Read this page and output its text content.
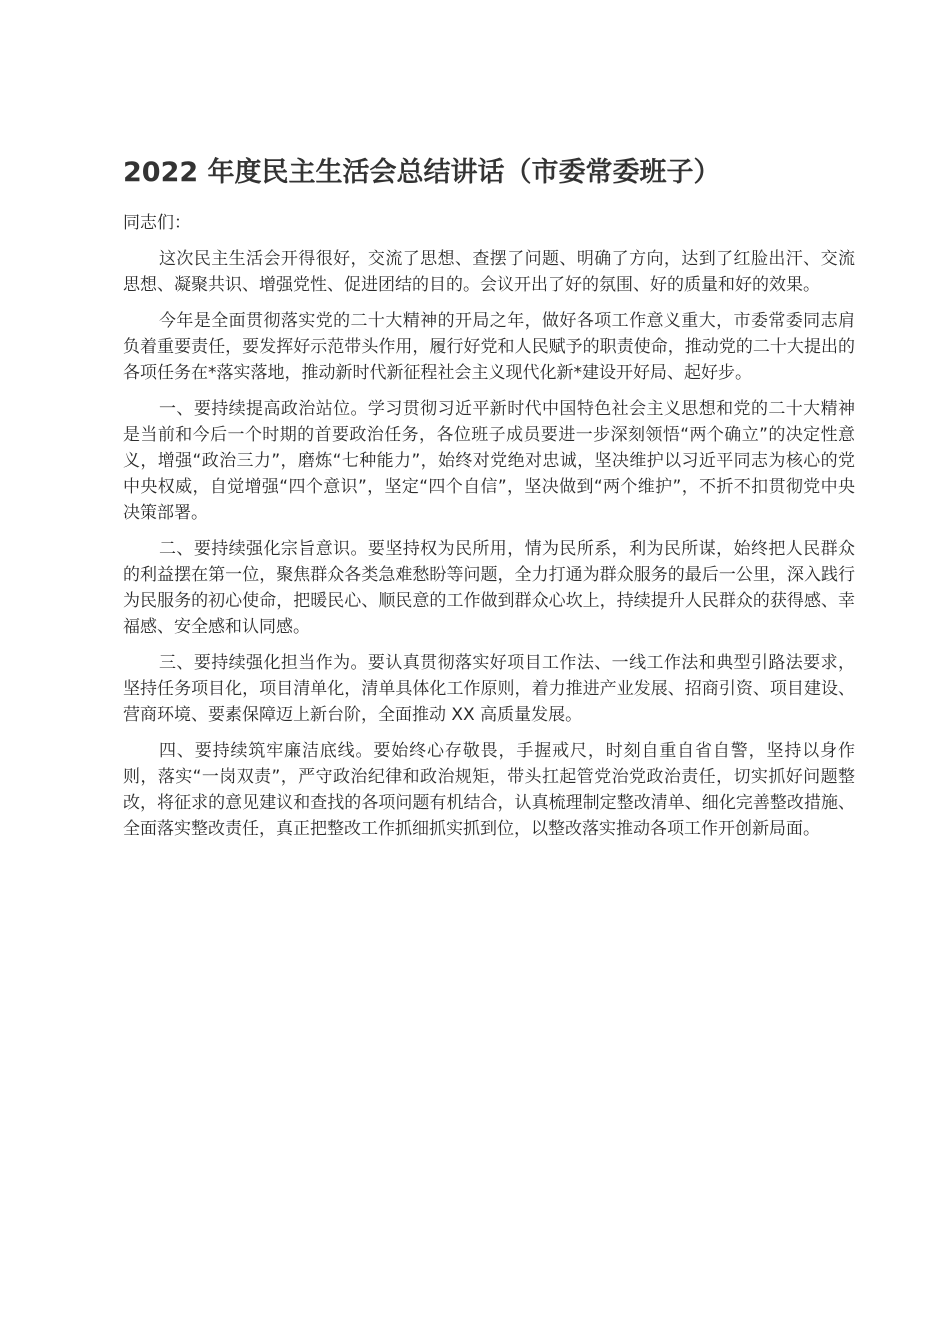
2022 年度民主生活会总结讲话（市委常委班子）

同志们：

这次民主生活会开得很好，交流了思想、查摆了问题、明确了方向，达到了红脸出汗、交流思想、凝聚共识、增强党性、促进团结的目的。会议开出了好的氛围、好的质量和好的效果。

今年是全面贯彻落实党的二十大精神的开局之年，做好各项工作意义重大，市委常委同志肩负着重要责任，要发挥好示范带头作用，履行好党和人民赋予的职责使命，推动党的二十大提出的各项任务在*落实落地，推动新时代新征程社会主义现代化新*建设开好局、起好步。

一、要持续提高政治站位。学习贯彻习近平新时代中国特色社会主义思想和党的二十大精神是当前和今后一个时期的首要政治任务，各位班子成员要进一步深刻领悟“两个确立”的决定性意义，增强“政治三力”，磨炼“七种能力”，始终对党绝对忠诚，坚决维护以习近平同志为核心的党中央权威，自觉增强“四个意识”，坚定“四个自信”，坚决做到“两个维护”，不折不扣贯彻党中央决策部署。

二、要持续强化宗旨意识。要坚持权为民所用，情为民所系，利为民所谋，始终把人民群众的利益摆在第一位，聚焦群众各类急难愁盼等问题，全力打通为群众服务的最后一公里，深入践行为民服务的初心使命，把暖民心、顺民意的工作做到群众心坎上，持续提升人民群众的获得感、幸福感、安全感和认同感。

三、要持续强化担当作为。要认真贯彻落实好项目工作法、一线工作法和典型引路法要求，坚持任务项目化，项目清单化，清单具体化工作原则，着力推进产业发展、招商引资、项目建设、营商环境、要素保障迈上新台阶，全面推动 XX 高质量发展。

四、要持续筑牢廉洁底线。要始终心存敬畏，手握戒尺，时刻自重自省自警，坚持以身作则，落实“一岗双责”，严守政治纪律和政治规矩，带头扛起管党治党政治责任，切实抓好问题整改，将征求的意见建议和查找的各项问题有机结合，认真梳理制定整改清单、细化完善整改措施、全面落实整改责任，真正把整改工作抓细抓实抓到位，以整改落实推动各项工作开创新局面。
